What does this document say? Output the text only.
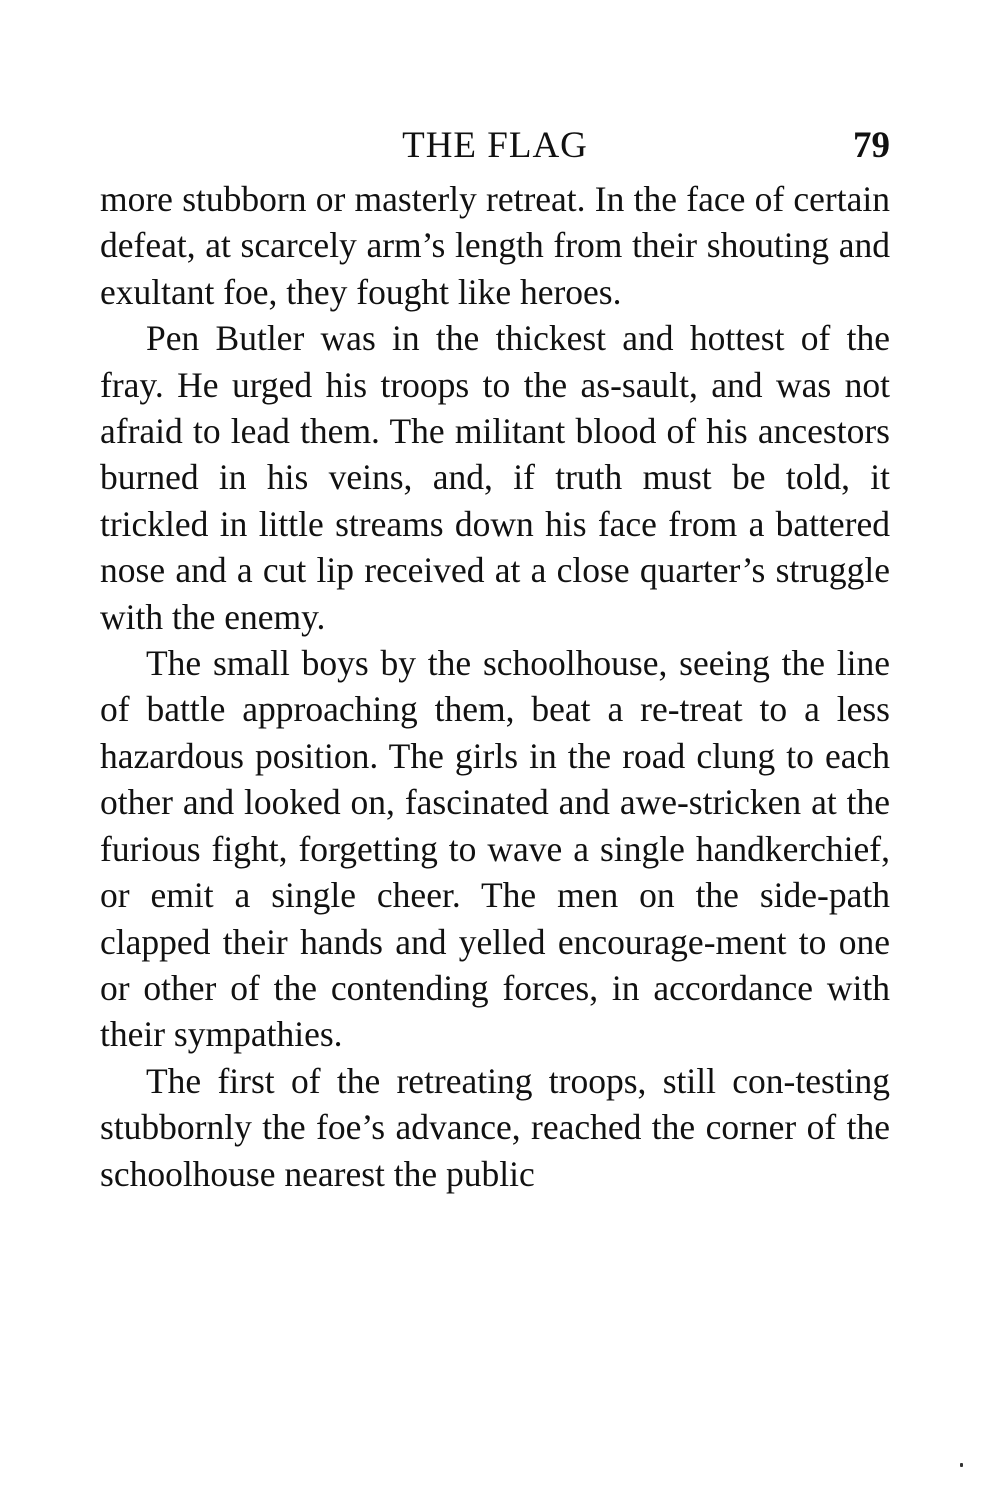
THE FLAG	79

more stubborn or masterly retreat. In the face of certain defeat, at scarcely arm’s length from their shouting and exultant foe, they fought like heroes.

Pen Butler was in the thickest and hottest of the fray. He urged his troops to the as-sault, and was not afraid to lead them. The militant blood of his ancestors burned in his veins, and, if truth must be told, it trickled in little streams down his face from a battered nose and a cut lip received at a close quarter’s struggle with the enemy.

The small boys by the schoolhouse, seeing the line of battle approaching them, beat a re-treat to a less hazardous position. The girls in the road clung to each other and looked on, fascinated and awe-stricken at the furious fight, forgetting to wave a single handkerchief, or emit a single cheer. The men on the side-path clapped their hands and yelled encourage-ment to one or other of the contending forces, in accordance with their sympathies.

The first of the retreating troops, still con-testing stubbornly the foe’s advance, reached the corner of the schoolhouse nearest the public
